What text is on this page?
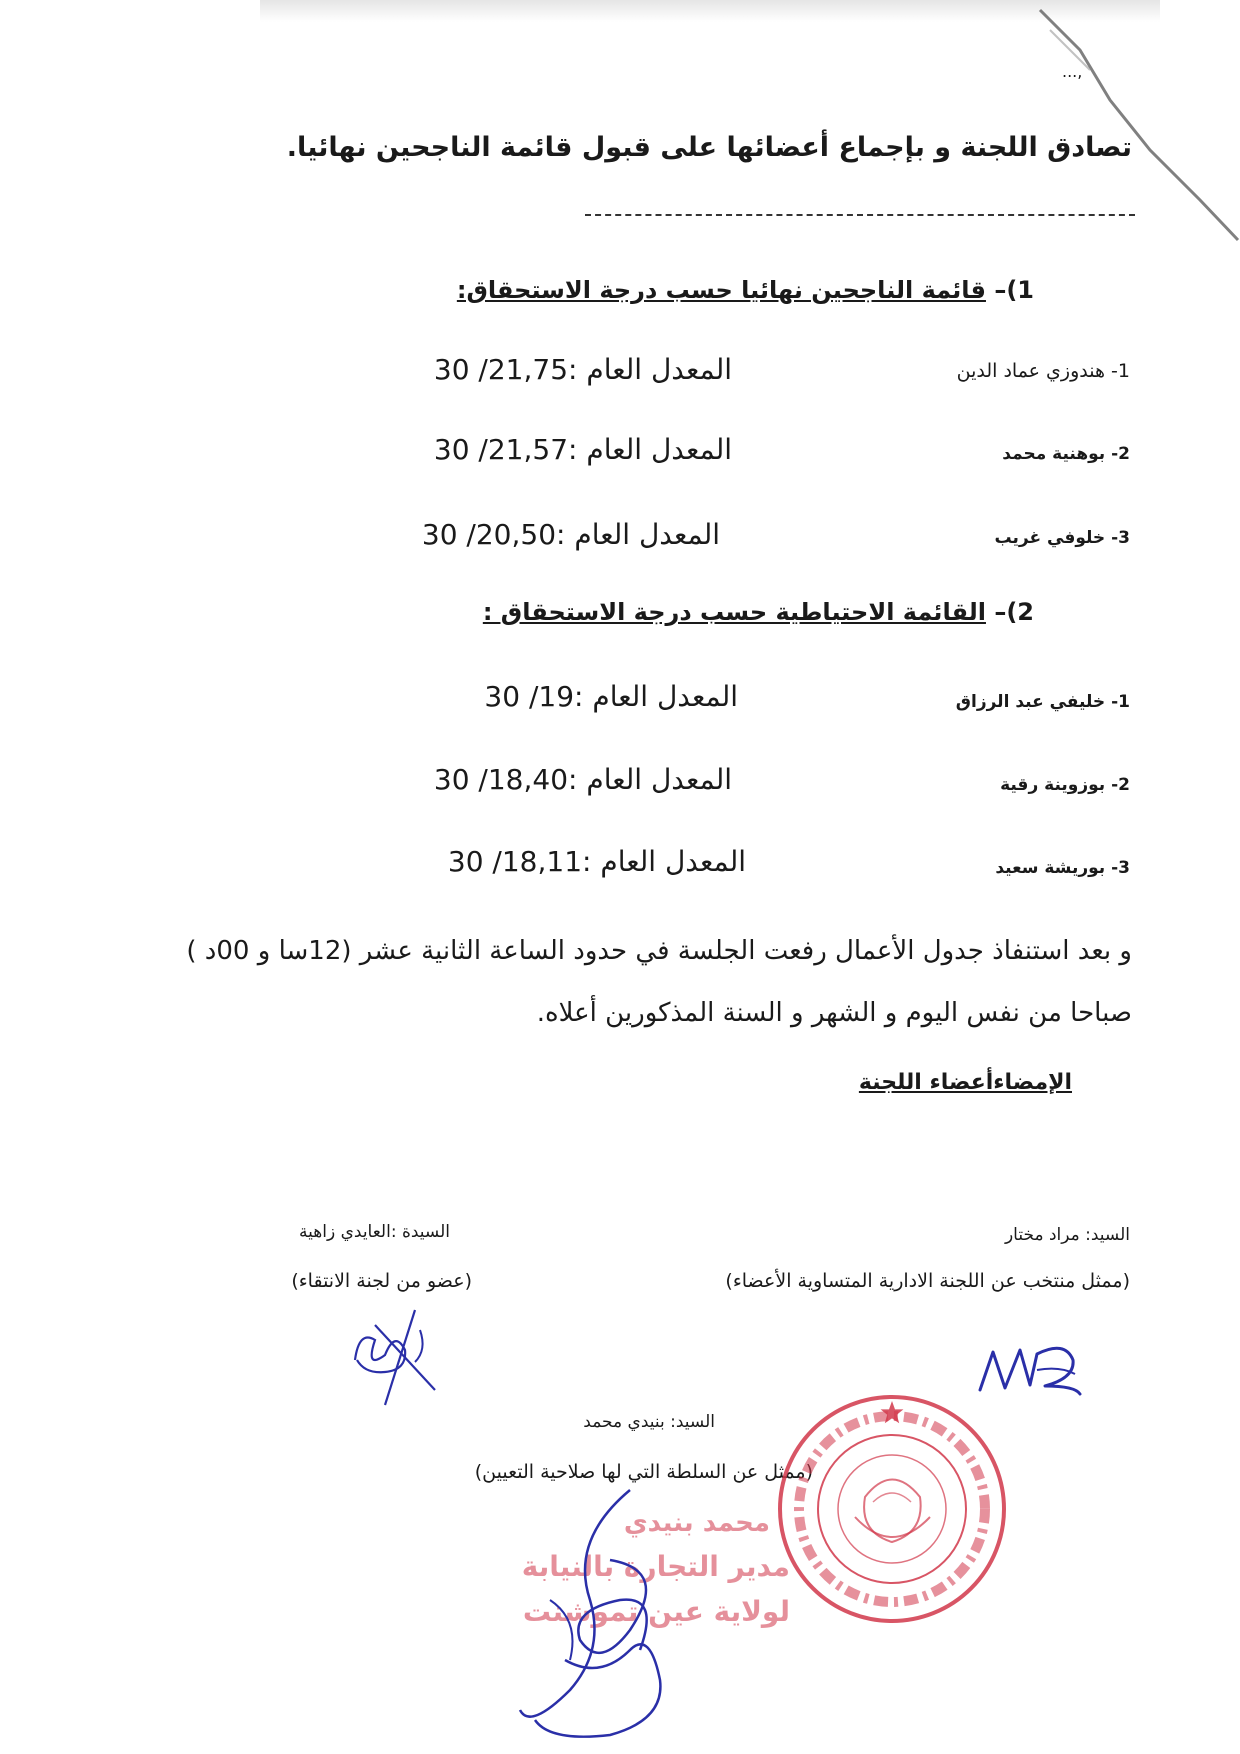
...,
تصادق اللجنة و بإجماع أعضائها على قبول قائمة الناجحين نهائيا.
1)– قائمة الناجحين نهائيا حسب درجة الاستحقاق:
1- هندوزي عماد الدين
المعدل العام :21,75/ 30
2- بوهنية محمد
المعدل العام :21,57/ 30
3- خلوفي غريب
المعدل العام :20,50/ 30
2)– القائمة الاحتياطية حسب درجة الاستحقاق :
1- خليفي عبد الرزاق
المعدل العام :19/ 30
2- بوزوينة رقية
المعدل العام :18,40/ 30
3- بوريشة سعيد
المعدل العام :18,11/ 30
و بعد استنفاذ جدول الأعمال رفعت الجلسة في حدود الساعة الثانية عشر (12سا و 00د )
صباحا من نفس اليوم و الشهر و السنة المذكورين أعلاه.
الإمضاءأعضاء اللجنة
السيد: مراد مختار
(ممثل منتخب عن اللجنة الادارية المتساوية الأعضاء)
السيدة :العايدي زاهية
(عضو من لجنة الانتقاء)
السيد: بنيدي محمد
(ممثل عن السلطة التي لها صلاحية التعيين)
محمد بنيدي
مدير التجارة بالنيابة
لولاية عين تموشنت
